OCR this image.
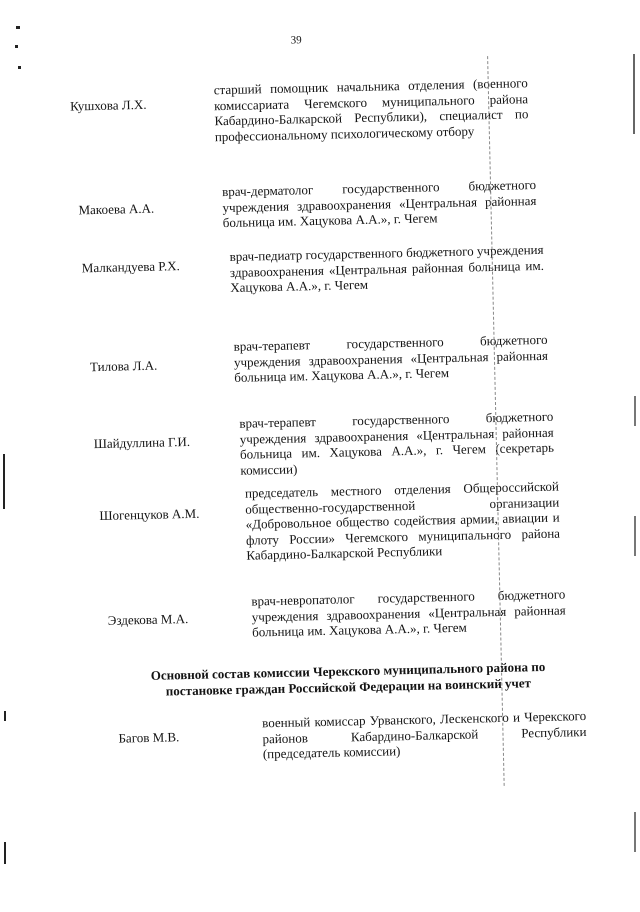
39
Кушхова Л.Х.
старший помощник начальника отделения (военного комиссариата Чегемского муниципального района Кабардино-Балкарской Республики), специалист по профессиональному психологическому отбору
Макоева А.А.
врач-дерматолог государственного бюджетного учреждения здравоохранения «Центральная районная больница им. Хацукова А.А.», г. Чегем
Малкандуева Р.Х.
врач-педиатр государственного бюджетного учреждения здравоохранения «Центральная районная больница им. Хацукова А.А.», г. Чегем
Тилова Л.А.
врач-терапевт государственного бюджетного учреждения здравоохранения «Центральная районная больница им. Хацукова А.А.», г. Чегем
Шайдуллина Г.И.
врач-терапевт государственного бюджетного учреждения здравоохранения «Центральная районная больница им. Хацукова А.А.», г. Чегем (секретарь комиссии)
Шогенцуков А.М.
председатель местного отделения Общероссийской общественно-государственной организации «Добровольное общество содействия армии, авиации и флоту России» Чегемского муниципального района Кабардино-Балкарской Республики
Эздекова М.А.
врач-невропатолог государственного бюджетного учреждения здравоохранения «Центральная районная больница им. Хацукова А.А.», г. Чегем
Основной состав комиссии Черекского муниципального района по постановке граждан Российской Федерации на воинский учет
Багов М.В.
военный комиссар Урванского, Лескенского и Черекского районов Кабардино-Балкарской Республики (председатель комиссии)
